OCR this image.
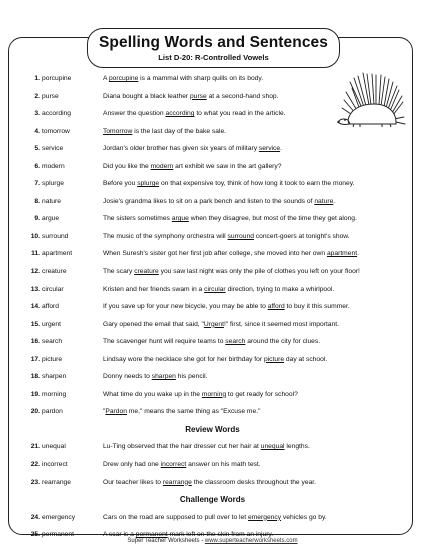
Spelling Words and Sentences
List D-20: R-Controlled Vowels
1. porcupine	A porcupine is a mammal with sharp quills on its body.
2. purse	Diana bought a black leather purse at a second-hand shop.
3. according	Answer the question according to what you read in the article.
4. tomorrow	Tomorrow is the last day of the bake sale.
5. service	Jordan's older brother has given six years of military service.
6. modern	Did you like the modern art exhibit we saw in the art gallery?
7. splurge	Before you splurge on that expensive toy, think of how long it took to earn the money.
8. nature	Josie's grandma likes to sit on a park bench and listen to the sounds of nature.
9. argue	The sisters sometimes argue when they disagree, but most of the time they get along.
10. surround	The music of the symphony orchestra will surround concert-goers at tonight's show.
11. apartment	When Suresh's sister got her first job after college, she moved into her own apartment.
12. creature	The scary creature you saw last night was only the pile of clothes you left on your floor!
13. circular	Kristen and her friends swam in a circular direction, trying to make a whirlpool.
14. afford	If you save up for your new bicycle, you may be able to afford to buy it this summer.
15. urgent	Gary opened the email that said, "Urgent!" first, since it seemed most important.
16. search	The scavenger hunt will require teams to search around the city for clues.
17. picture	Lindsay wore the necklace she got for her birthday for picture day at school.
18. sharpen	Donny needs to sharpen his pencil.
19. morning	What time do you wake up in the morning to get ready for school?
20. pardon	"Pardon me," means the same thing as "Excuse me."
Review Words
21. unequal	Lu-Ting observed that the hair dresser cut her hair at unequal lengths.
22. incorrect	Drew only had one incorrect answer on his math test.
23. rearrange	Our teacher likes to rearrange the classroom desks throughout the year.
Challenge Words
24. emergency	Cars on the road are supposed to pull over to let emergency vehicles go by.
25. permanent	A scar is a permanent mark left on the skin from an injury.
Super Teacher Worksheets - www.superteacherworksheets.com
